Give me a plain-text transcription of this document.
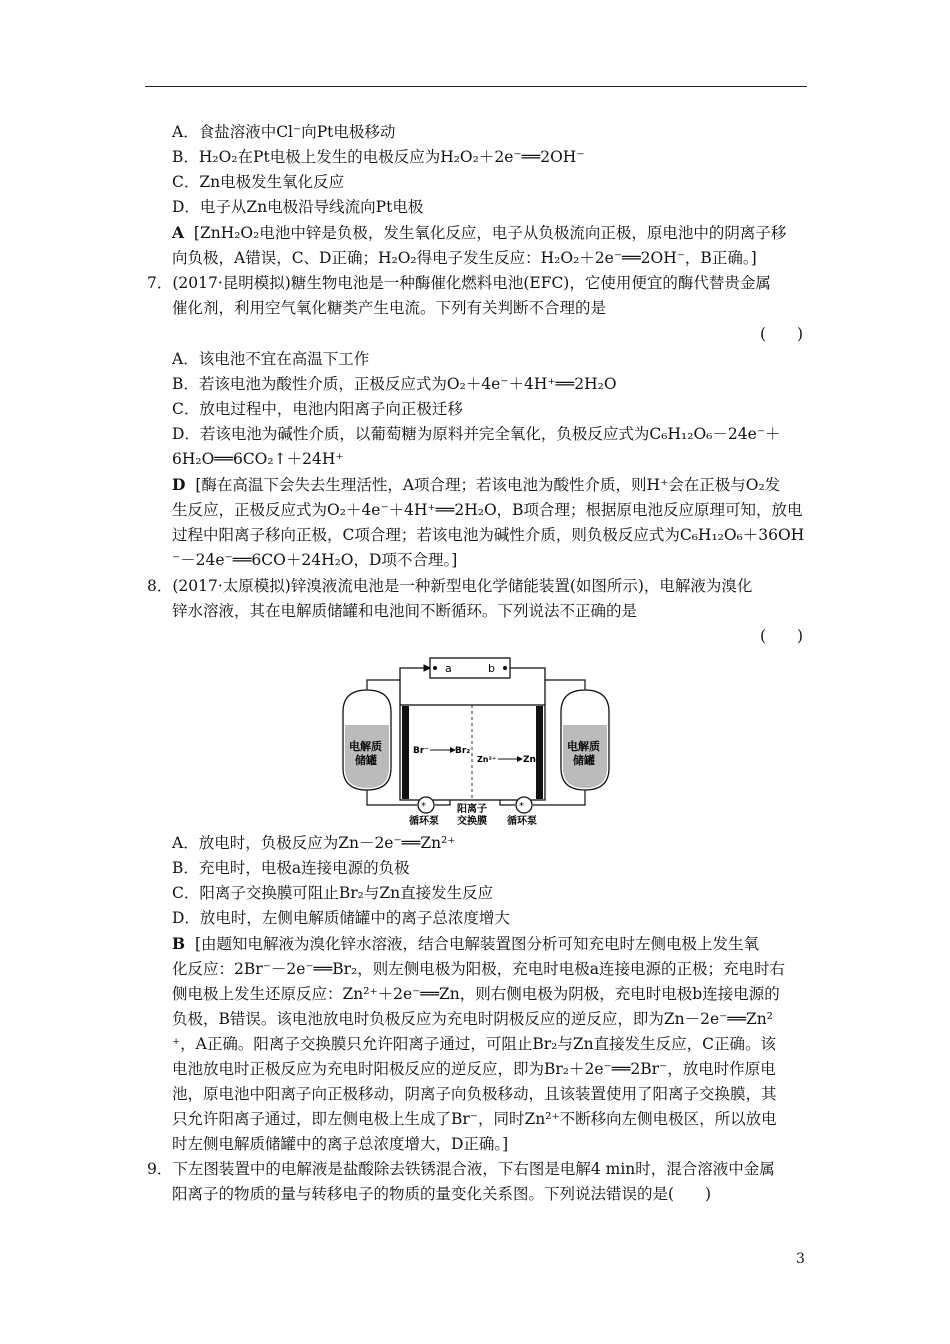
A．食盐溶液中Cl⁻向Pt电极移动
B．H₂O₂在Pt电极上发生的电极反应为H₂O₂＋2e⁻══2OH⁻
C．Zn电极发生氧化反应
D．电子从Zn电极沿导线流向Pt电极
A [ZnH₂O₂电池中锌是负极，发生氧化反应，电子从负极流向正极，原电池中的阴离子移
向负极，A错误，C、D正确；H₂O₂得电子发生反应：H₂O₂＋2e⁻══2OH⁻，B正确。]
7．(2017·昆明模拟)糖生物电池是一种酶催化燃料电池(EFC)，它使用便宜的酶代替贵金属
催化剂，利用空气氧化糖类产生电流。下列有关判断不合理的是
(　　)
A．该电池不宜在高温下工作
B．若该电池为酸性介质，正极反应式为O₂＋4e⁻＋4H⁺══2H₂O
C．放电过程中，电池内阳离子向正极迁移
D．若该电池为碱性介质，以葡萄糖为原料并完全氧化，负极反应式为C₆H₁₂O₆－24e⁻＋
6H₂O══6CO₂↑＋24H⁺
D [酶在高温下会失去生理活性，A项合理；若该电池为酸性介质，则H⁺会在正极与O₂发
生反应，正极反应式为O₂＋4e⁻＋4H⁺══2H₂O，B项合理；根据原电池反应原理可知，放电
过程中阳离子移向正极，C项合理；若该电池为碱性介质，则负极反应式为C₆H₁₂O₆＋36OH
⁻－24e⁻══6CO＋24H₂O，D项不合理。]
8．(2017·太原模拟)锌溴液流电池是一种新型电化学储能装置(如图所示)，电解液为溴化
锌水溶液，其在电解质储罐和电池间不断循环。下列说法不正确的是
(　　)
a	b
Br⁻	Br₂
Zn²⁺	Zn
电解质
储罐
电解质
储罐
*	*
循环泵	循环泵
阳离子
交换膜
A．放电时，负极反应为Zn－2e⁻══Zn²⁺
B．充电时，电极a连接电源的负极
C．阳离子交换膜可阻止Br₂与Zn直接发生反应
D．放电时，左侧电解质储罐中的离子总浓度增大
B [由题知电解液为溴化锌水溶液，结合电解装置图分析可知充电时左侧电极上发生氧
化反应：2Br⁻－2e⁻══Br₂，则左侧电极为阳极，充电时电极a连接电源的正极；充电时右
侧电极上发生还原反应：Zn²⁺＋2e⁻══Zn，则右侧电极为阴极，充电时电极b连接电源的
负极，B错误。该电池放电时负极反应为充电时阴极反应的逆反应，即为Zn－2e⁻══Zn²
⁺，A正确。阳离子交换膜只允许阳离子通过，可阻止Br₂与Zn直接发生反应，C正确。该
电池放电时正极反应为充电时阳极反应的逆反应，即为Br₂＋2e⁻══2Br⁻，放电时作原电
池，原电池中阳离子向正极移动，阴离子向负极移动，且该装置使用了阳离子交换膜，其
只允许阳离子通过，即左侧电极上生成了Br⁻，同时Zn²⁺不断移向左侧电极区，所以放电
时左侧电解质储罐中的离子总浓度增大，D正确。]
9．下左图装置中的电解液是盐酸除去铁锈混合液，下右图是电解4 min时，混合溶液中金属
阳离子的物质的量与转移电子的物质的量变化关系图。下列说法错误的是(　　)
3
